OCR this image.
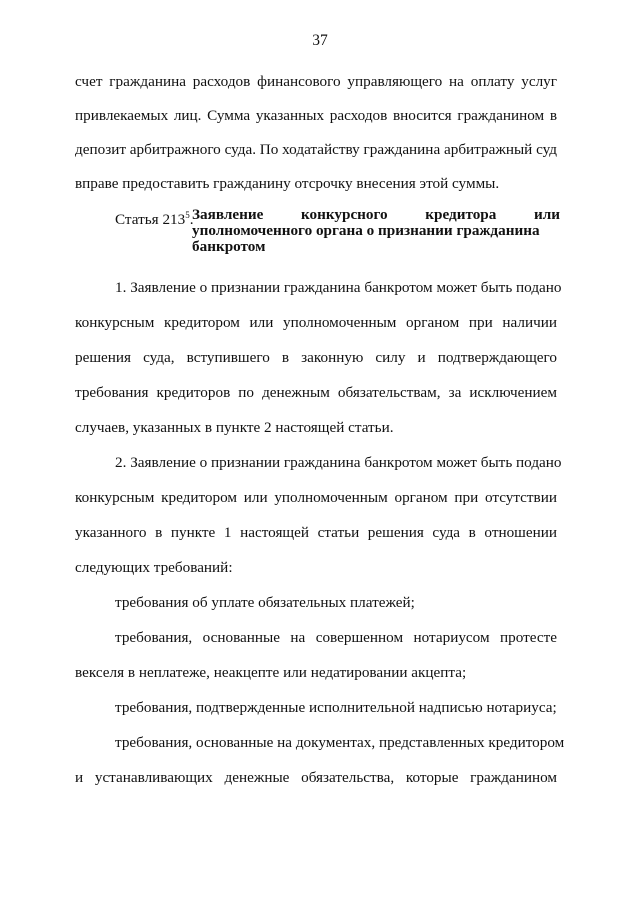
37
счет гражданина расходов финансового управляющего на оплату услуг
привлекаемых лиц. Сумма указанных расходов вносится гражданином в
депозит арбитражного суда. По ходатайству гражданина арбитражный суд
вправе предоставить гражданину отсрочку внесения этой суммы.
Статья $213^5$.
Заявление конкурсного кредитора или
уполномоченного органа о признании гражданина
банкротом
1. Заявление о признании гражданина банкротом может быть подано
конкурсным кредитором или уполномоченным органом при наличии
решения суда, вступившего в законную силу и подтверждающего
требования кредиторов по денежным обязательствам, за исключением
случаев, указанных в пункте 2 настоящей статьи.
2. Заявление о признании гражданина банкротом может быть подано
конкурсным кредитором или уполномоченным органом при отсутствии
указанного в пункте 1 настоящей статьи решения суда в отношении
следующих требований:
требования об уплате обязательных платежей;
требования, основанные на совершенном нотариусом протесте
векселя в неплатеже, неакцепте или недатировании акцепта;
требования, подтвержденные исполнительной надписью нотариуса;
требования, основанные на документах, представленных кредитором
и устанавливающих денежные обязательства, которые гражданином
